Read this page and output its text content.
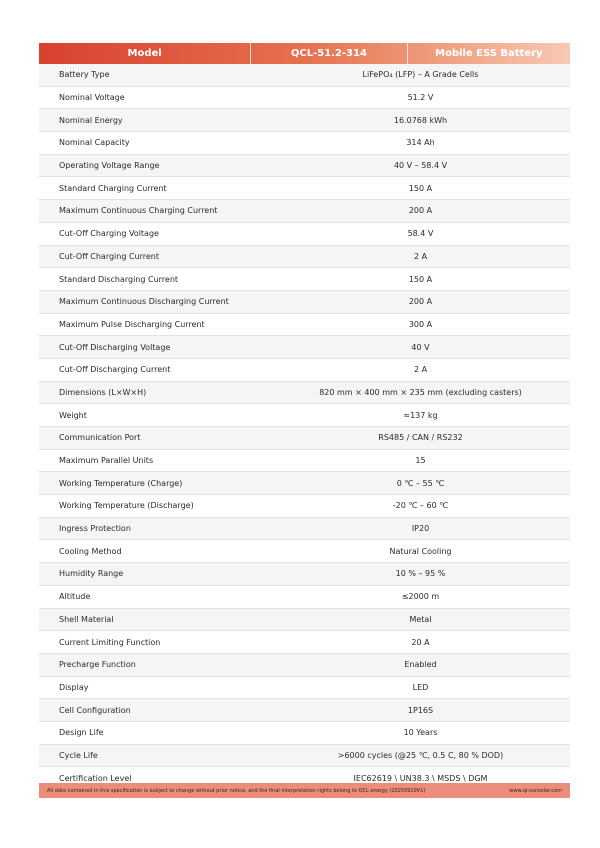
Model	QCL-51.2-314	Mobile ESS Battery
Battery Type	LiFePO₄ (LFP) – A Grade Cells
Nominal Voltage	51.2 V
Nominal Energy	16.0768 kWh
Nominal Capacity	314 Ah
Operating Voltage Range	40 V – 58.4 V
Standard Charging Current	150 A
Maximum Continuous Charging Current	200 A
Cut-Off Charging Voltage	58.4 V
Cut-Off Charging Current	2 A
Standard Discharging Current	150 A
Maximum Continuous Discharging Current	200 A
Maximum Pulse Discharging Current	300 A
Cut-Off Discharging Voltage	40 V
Cut-Off Discharging Current	2 A
Dimensions (L×W×H)	820 mm × 400 mm × 235 mm (excluding casters)
Weight	≈137 kg
Communication Port	RS485 / CAN / RS232
Maximum Parallel Units	15
Working Temperature (Charge)	0 ℃ – 55 ℃
Working Temperature (Discharge)	-20 ℃ – 60 ℃
Ingress Protection	IP20
Cooling Method	Natural Cooling
Humidity Range	10 % – 95 %
Altitude	≤2000 m
Shell Material	Metal
Current Limiting Function	20 A
Precharge Function	Enabled
Display	LED
Cell Configuration	1P16S
Design Life	10 Years
Cycle Life	>6000 cycles (@25 ℃, 0.5 C, 80 % DOD)
Certification Level	IEC62619 \ UN38.3 \ MSDS \ DGM
All data contained in this specification is subject to change without prior notice, and the final interpretation rights belong to QCL energy (20250929V1)	www.qi-sunsolar.com
